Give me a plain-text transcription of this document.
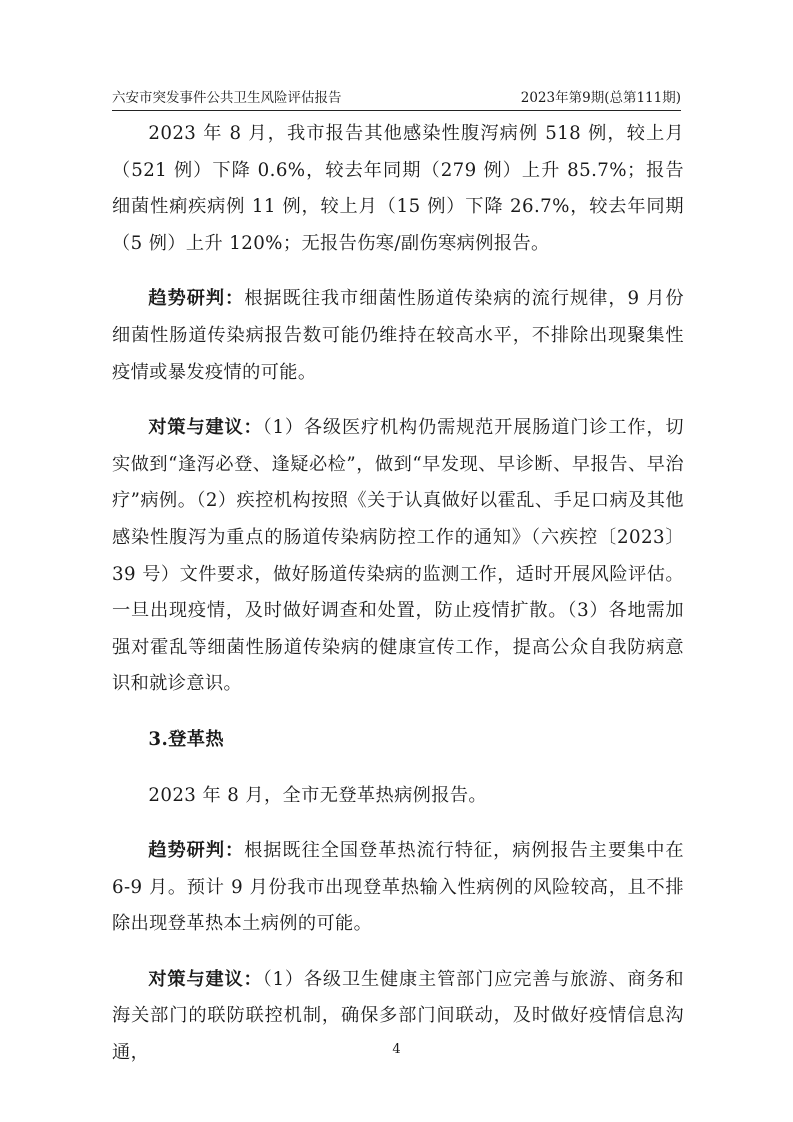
六安市突发事件公共卫生风险评估报告	2023年第9期(总第111期)

2023 年 8 月，我市报告其他感染性腹泻病例 518 例，较上月（521 例）下降 0.6%，较去年同期（279 例）上升 85.7%；报告细菌性痢疾病例 11 例，较上月（15 例）下降 26.7%，较去年同期（5 例）上升 120%；无报告伤寒/副伤寒病例报告。

趋势研判：根据既往我市细菌性肠道传染病的流行规律，9 月份细菌性肠道传染病报告数可能仍维持在较高水平，不排除出现聚集性疫情或暴发疫情的可能。

对策与建议：（1）各级医疗机构仍需规范开展肠道门诊工作，切实做到“逢泻必登、逢疑必检”，做到“早发现、早诊断、早报告、早治疗”病例。（2）疾控机构按照《关于认真做好以霍乱、手足口病及其他感染性腹泻为重点的肠道传染病防控工作的通知》（六疾控〔2023〕39 号）文件要求，做好肠道传染病的监测工作，适时开展风险评估。一旦出现疫情，及时做好调查和处置，防止疫情扩散。（3）各地需加强对霍乱等细菌性肠道传染病的健康宣传工作，提高公众自我防病意识和就诊意识。

3.登革热

2023 年 8 月，全市无登革热病例报告。

趋势研判：根据既往全国登革热流行特征，病例报告主要集中在 6-9 月。预计 9 月份我市出现登革热输入性病例的风险较高，且不排除出现登革热本土病例的可能。

对策与建议：（1）各级卫生健康主管部门应完善与旅游、商务和海关部门的联防联控机制，确保多部门间联动，及时做好疫情信息沟通，	4
